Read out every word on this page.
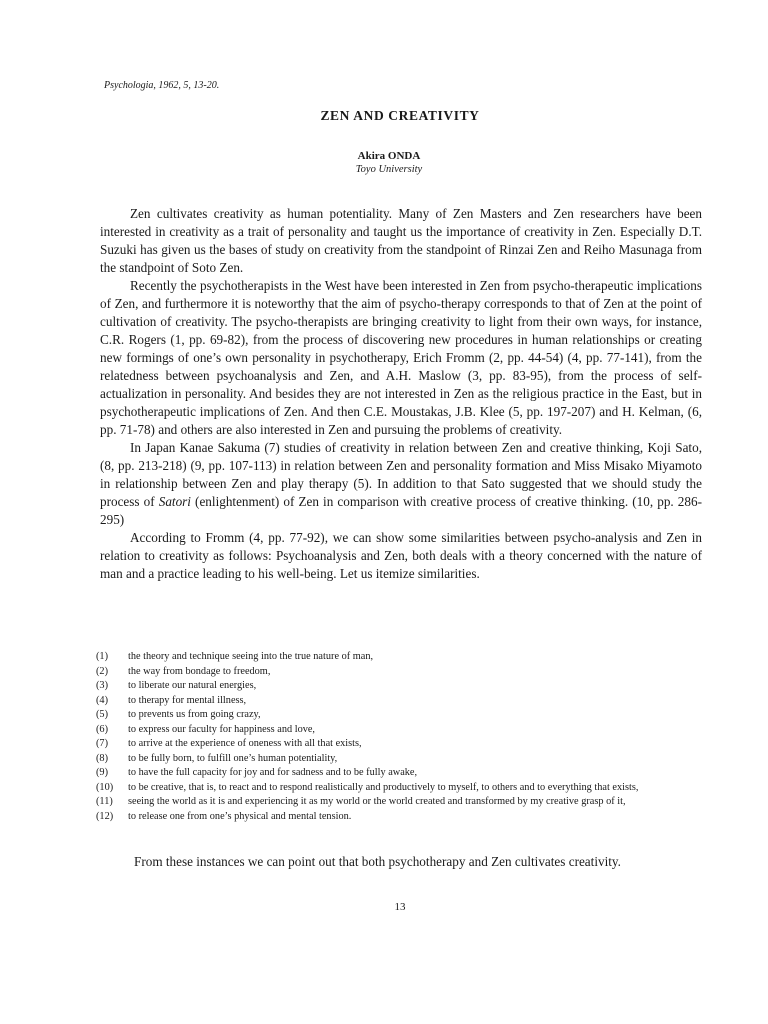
Psychologia, 1962, 5, 13-20.
ZEN AND CREATIVITY
Akira ONDA
Toyo University

Zen cultivates creativity as human potentiality. Many of Zen Masters and Zen researchers have been interested in creativity as a trait of personality and taught us the importance of creativity in Zen. Especially D.T. Suzuki has given us the bases of study on creativity from the standpoint of Rinzai Zen and Reiho Masunaga from the standpoint of Soto Zen.

Recently the psychotherapists in the West have been interested in Zen from psycho-therapeutic implications of Zen, and furthermore it is noteworthy that the aim of psycho-therapy corresponds to that of Zen at the point of cultivation of creativity. The psycho-therapists are bringing creativity to light from their own ways, for instance, C.R. Rogers (1, pp. 69-82), from the process of discovering new procedures in human relationships or creating new formings of one’s own personality in psychotherapy, Erich Fromm (2, pp. 44-54) (4, pp. 77-141), from the relatedness between psychoanalysis and Zen, and A.H. Maslow (3, pp. 83-95), from the process of self-actualization in personality. And besides they are not interested in Zen as the religious practice in the East, but in psychotherapeutic implications of Zen. And then C.E. Moustakas, J.B. Klee (5, pp. 197-207) and H. Kelman, (6, pp. 71-78) and others are also interested in Zen and pursuing the problems of creativity.

In Japan Kanae Sakuma (7) studies of creativity in relation between Zen and creative thinking, Koji Sato, (8, pp. 213-218) (9, pp. 107-113) in relation between Zen and personality formation and Miss Misako Miyamoto in relationship between Zen and play therapy (5). In addition to that Sato suggested that we should study the process of Satori (enlightenment) of Zen in comparison with creative process of creative thinking. (10, pp. 286-295)

According to Fromm (4, pp. 77-92), we can show some similarities between psycho-analysis and Zen in relation to creativity as follows: Psychoanalysis and Zen, both deals with a theory concerned with the nature of man and a practice leading to his well-being. Let us itemize similarities.

(1)	the theory and technique seeing into the true nature of man,
(2)	the way from bondage to freedom,
(3)	to liberate our natural energies,
(4)	to therapy for mental illness,
(5)	to prevents us from going crazy,
(6)	to express our faculty for happiness and love,
(7)	to arrive at the experience of oneness with all that exists,
(8)	to be fully born, to fulfill one’s human potentiality,
(9)	to have the full capacity for joy and for sadness and to be fully awake,
(10)	to be creative, that is, to react and to respond realistically and productively to myself, to others and to everything that exists,
(11)	seeing the world as it is and experiencing it as my world or the world created and transformed by my creative grasp of it,
(12)	to release one from one’s physical and mental tension.

From these instances we can point out that both psychotherapy and Zen cultivates creativity.

13
